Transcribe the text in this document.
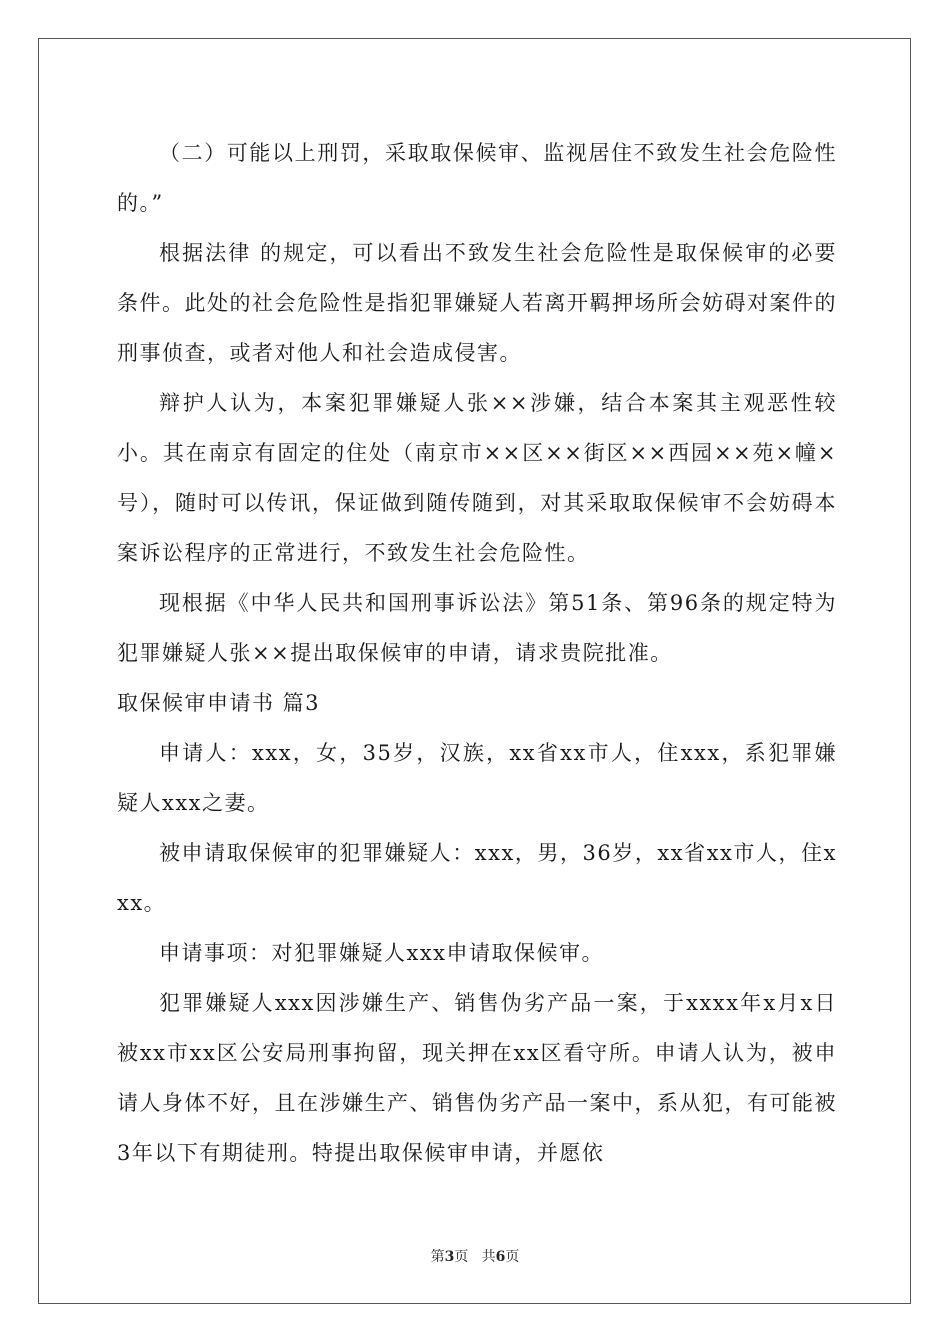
（二）可能以上刑罚，采取取保候审、监视居住不致发生社会危险性的。”

根据法律 的规定，可以看出不致发生社会危险性是取保候审的必要条件。此处的社会危险性是指犯罪嫌疑人若离开羁押场所会妨碍对案件的刑事侦查，或者对他人和社会造成侵害。

辩护人认为，本案犯罪嫌疑人张××涉嫌，结合本案其主观恶性较小。其在南京有固定的住处（南京市××区××街区××西园××苑×幢×号），随时可以传讯，保证做到随传随到，对其采取取保候审不会妨碍本案诉讼程序的正常进行，不致发生社会危险性。

现根据《中华人民共和国刑事诉讼法》第51条、第96条的规定特为犯罪嫌疑人张××提出取保候审的申请，请求贵院批准。

取保候审申请书 篇3

申请人：xxx，女，35岁，汉族，xx省xx市人，住xxx，系犯罪嫌疑人xxx之妻。

被申请取保候审的犯罪嫌疑人：xxx，男，36岁，xx省xx市人，住xxx。

申请事项：对犯罪嫌疑人xxx申请取保候审。

犯罪嫌疑人xxx因涉嫌生产、销售伪劣产品一案，于xxxx年x月x日被xx市xx区公安局刑事拘留，现关押在xx区看守所。申请人认为，被申请人身体不好，且在涉嫌生产、销售伪劣产品一案中，系从犯，有可能被3年以下有期徒刑。特提出取保候审申请，并愿依

第3页 共6页
